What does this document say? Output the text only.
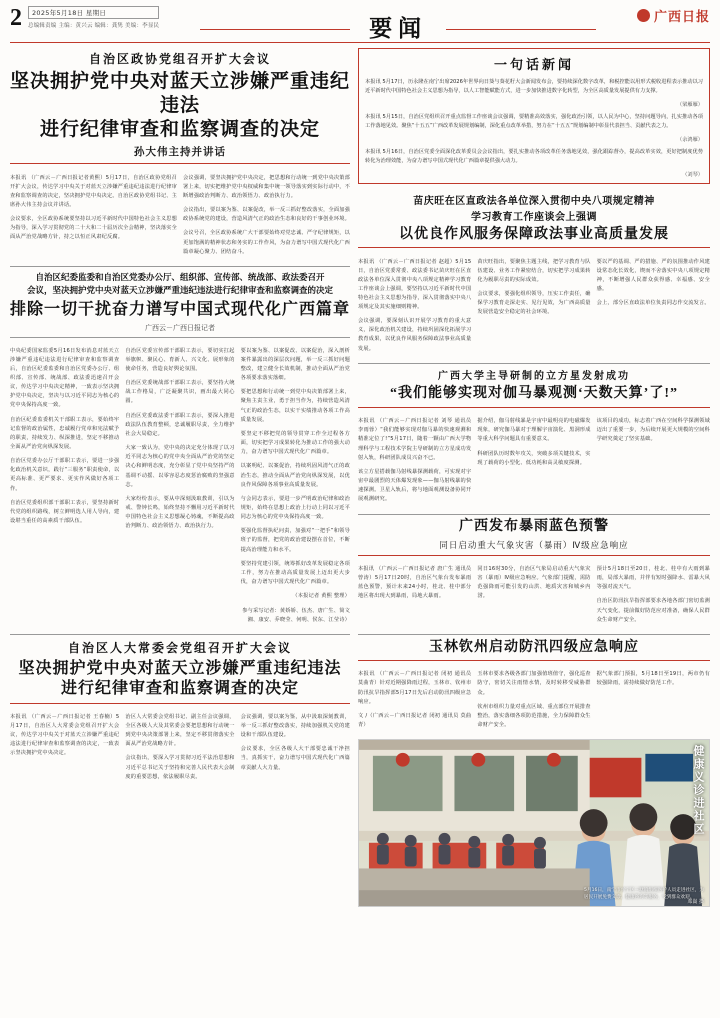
2	2025年5月18日 星期日
总编辑责编 主编：黄兴云 编辑：龚隽 美编：李显民	要闻	广西日报
自治区政协党组召开扩大会议
坚决拥护党中央对蓝天立涉嫌严重违纪违法
进行纪律审查和监察调查的决定
孙大伟主持并讲话

本报讯 （广西云－广西日报记者黄熙）5月17日，自治区政协党组召开扩大会议，传达学习中央关于对蓝天立涉嫌严重违纪违法进行纪律审查和监察调查的决定，坚决拥护党中央决定。自治区政协党组书记、主席孙大伟主持会议并讲话。

会议要求，全区政协系统要坚持以习近平新时代中国特色社会主义思想为指导，深入学习贯彻党的二十大和二十届历次全会精神，坚决落实全面从严治党战略方针，持之以恒正风肃纪反腐。

会议强调，要坚决拥护党中央决定，把思想和行动统一到党中央决策部署上来，切实把维护党中央权威和集中统一领导落实到实际行动中，不断增强政治判断力、政治领悟力、政治执行力。

会议指出，要以案为鉴、以案促改，举一反三抓好整改落实，全面加强政协系统党的建设，营造风清气正的政治生态和良好的干事创业环境。

会议号召，全区政协系统广大干部要始终对党忠诚、严守纪律规矩，以更加饱满的精神状态和务实的工作作风，为奋力谱写中国式现代化广西篇章凝心聚力、团结奋斗。

自治区纪委监委和自治区党委办公厅、组织部、宣传部、统战部、政法委召开
会议，坚决拥护党中央对蓝天立涉嫌严重违纪违法进行纪律审查和监察调查的决定
排除一切干扰 奋力谱写中国式现代化广西篇章
广西云－广西日报记者

中央纪委国家监委5月16日发布消息对蓝天立涉嫌严重违纪违法进行纪律审查和监察调查后，自治区纪委监委和自治区党委办公厅、组织部、宣传部、统战部、政法委迅速召开会议，传达学习中央决定精神，一致表示坚决拥护党中央决定，坚决与以习近平同志为核心的党中央保持高度一致。

自治区纪委监委机关干部职工表示，要始终牢记监督的政治属性，忠诚履行党章和宪法赋予的职责，持续发力、纵深推进，坚定不移推动全面从严治党向纵深发展。

自治区党委办公厅干部职工表示，要进一步强化政治机关意识，践行“三服务”职责使命，以更高标准、更严要求、更实作风做好各项工作。

自治区党委组织部干部职工表示，要坚持新时代党的组织路线，树立鲜明选人用人导向，建设堪当重任的高素质干部队伍。

自治区党委宣传部干部职工表示，要切实扛起举旗帜、聚民心、育新人、兴文化、展形象的使命任务，营造良好舆论氛围。

自治区党委统战部干部职工表示，要坚持大统战工作格局，广泛凝聚共识，画出最大同心圆。

自治区党委政法委干部职工表示，要深入推进政法队伍教育整顿，忠诚履职尽责，全力维护社会大局稳定。

大家一致认为，党中央的决定充分体现了以习近平同志为核心的党中央全面从严治党的坚定决心和鲜明态度，充分彰显了党中央坚持严的基调不动摇、以零容忍态度惩治腐败的坚强意志。

大家纷纷表示，要从中深刻汲取教训，引以为戒、警钟长鸣，始终坚持不懈用习近平新时代中国特色社会主义思想凝心铸魂，不断提高政治判断力、政治领悟力、政治执行力。

要以案为鉴、以案促改、以案促治，深入剖析案件暴露出的深层次问题，举一反三抓好问题整改，建立健全长效机制，推动全面从严治党各项要求落实落细。

要把思想和行动统一到党中央决策部署上来，聚焦主责主业，勇于担当作为，持续营造风清气正的政治生态，以实干实绩推动各项工作高质量发展。

要坚定不移把党的领导贯穿工作全过程各方面，切实把学习成果转化为推动工作的强大动力，奋力谱写中国式现代化广西篇章。

以案明纪、以案促治，持续巩固风清气正的政治生态，推动全面从严治党向纵深发展，以优良作风保障各项事业高质量发展。

与会同志表示，要进一步严明政治纪律和政治规矩，始终在思想上政治上行动上同以习近平同志为核心的党中央保持高度一致。

要强化监督执纪问责，加强对“一把手”和领导班子的监督，把党的政治建设摆在首位，不断提高治理能力和水平。

要坚持党建引领，统筹抓好改革发展稳定各项工作，努力在推动高质量发展上迈出更大步伐，奋力谱写中国式现代化广西篇章。

（本报记者 黄熙 整理）

参与采写记者：黄娇娇、伍杰、唐广生、简文湘、康安、乔晓莹、何明、侯东、江莹诗）

自治区人大常委会党组召开扩大会议
坚决拥护党中央对蓝天立涉嫌严重违纪违法
进行纪律审查和监察调查的决定

本报讯 （广西云－广西日报记者 王春楠）5月17日，自治区人大常委会党组召开扩大会议，传达学习中央关于对蓝天立涉嫌严重违纪违法进行纪律审查和监察调查的决定，一致表示坚决拥护党中央决定。

治区人大常委会党组书记、副主任会议强调，全区各级人大及其常委会要把思想和行动统一到党中央决策部署上来，坚定不移贯彻落实全面从严治党战略方针。

会议指出，要深入学习贯彻习近平法治思想和习近平总书记关于坚持和完善人民代表大会制度的重要思想，依法履职尽责。

会议强调，要以案为鉴，从中汲取深刻教训，举一反三抓好整改落实，持续加强机关党的建设和干部队伍建设。

会议要求，全区各级人大干部要忠诚干净担当，真抓实干，奋力谱写中国式现代化广西篇章贡献人大力量。

一句话新闻

本报讯 5月17日，历永隆在南宁出席2026年世界向日葵与葵花籽大会新闻发布会，要持续深化数字改革，和税控能以用形式税收进程表示推动以习近平新时代中国特色社会主义思想为指导，以人工智能赋能方式，进一步加快推进数字化转型，为全区高质量发展提供有力支撑。

（梁雁雁）

本报讯 5月15日，自治区党组织召开重点监督工作座谈会议强调，要精准高效落实，强化政治引领，以人民为中心，坚持问题导向，扎实推动各项工作落地见效。聚焦“十五五”广西改革发展规划编制，深化重点改革举措，努力在“十五五”规划编制中彰显代表担当、贡献代表之力。

（余鸿雁）

本报讯 5月16日，自治区党委全面深化改革委员会会议指出，要扎实推动各项改革任务落地见效，强化跟踪督办，提高改革实效，更好把制度优势转化为治理效能，为奋力谱写中国式现代化广西篇章提供强大动力。

（刘琴）
苗庆旺在区直政法各单位深入贯彻中央八项规定精神
学习教育工作座谈会上强调
以优良作风服务保障政法事业高质量发展

本报讯 （广西云－广西日报记者 赵超）5月15日，自治区党委常委、政法委书记苗庆旺在区直政法各单位深入贯彻中央八项规定精神学习教育工作座谈会上强调，要坚持以习近平新时代中国特色社会主义思想为指导，深入贯彻落实中央八项规定及其实施细则精神。

会议强调，要深刻认识开展学习教育的重大意义，深化政治机关建设，持续巩固深化拓展学习教育成果，以优良作风服务保障政法事业高质量发展。

苗庆旺指出，要聚焦主题主线，把学习教育与队伍建设、业务工作紧密结合，切实把学习成果转化为履职尽责的实际成效。

会议要求，要强化组织领导，压实工作责任，确保学习教育走深走实、见行见效，为广西高质量发展营造安全稳定的社会环境。

要以严的基调、严的措施、严的氛围推动作风建设常态化长效化，锲而不舍落实中央八项规定精神，不断增强人民群众获得感、幸福感、安全感。

会上，部分区直政法单位负责同志作交流发言。

广西大学主导研制的立方星发射成功
“我们能够实现对伽马暴观测‘天数天算’了!”

本报讯 （广西云－广西日报记者 刘琴 通讯员 李雨蓉）“我们能够实现对伽马暴的快速观测和精准定位了!”5月17日，随着一颗由广西大学物理科学与工程技术学院主导研制的立方星成功发射入轨，科研团队成员兴奋不已。

该立方星搭载伽马射线暴探测载荷，可实现对宇宙中最剧烈的天体爆发现象——伽马射线暴的快速探测。卫星入轨后，将与地面观测设备协同开展观测研究。

据介绍，伽马射线暴是宇宙中最明亮的电磁爆发现象，研究伽马暴对于理解宇宙演化、黑洞形成等重大科学问题具有重要意义。

科研团队历时数年攻关，突破多项关键技术，实现了载荷的小型化、低功耗和高灵敏度探测。

该项目的成功，标志着广西在空间科学探测领域迈出了重要一步，为后续开展更大规模的空间科学研究奠定了坚实基础。

广西发布暴雨蓝色预警
同日启动重大气象灾害（暴雨）Ⅳ级应急响应

本报讯 （广西云－广西日报记者 唐广生 通讯员 曾涛）5月17日20时，自治区气象台发布暴雨蓝色预警，预计未来24小时，桂北、桂中部分地区将出现大到暴雨，局地大暴雨。

同日16时30分，自治区气象局启动重大气象灾害（暴雨）Ⅳ级应急响应。气象部门提醒，需防范强降雨可能引发的山洪、地质灾害和城乡内涝。

预计5月18日至20日，桂北、桂中有大雨到暴雨，局部大暴雨，并伴有短时强降水、雷暴大风等强对流天气。

自治区防汛抗旱指挥部要求各地各部门密切监测天气变化，提前做好防范应对准备，确保人民群众生命财产安全。

玉林钦州启动防汛四级应急响应

本报讯 （广西云－广西日报记者 闭初 通讯员 莫曲青）针对近期强降雨过程，玉林市、钦州市防汛抗旱指挥部5月17日先后启动防汛四级应急响应。

文 /（广西云－广西日报记者 闭初 通讯员 莫曲青）

玉林市要求各级各部门加强值班值守，强化巡查防守，密切关注雨情水情，及时转移受威胁群众。

钦州市组织力量对重点区域、重点部位开展排查整治，落实落细各项防范措施，全力保障群众生命财产安全。

据气象部门预报，5月18日至19日，两市仍有较强降雨，需持续做好防范工作。

健康义诊进社区
5月16日，南宁市兴宁区三塘镇组织医护人员走进社区，为居民开展免费义诊、健康咨询等服务，受到群众欢迎。
邓嵩 摄
